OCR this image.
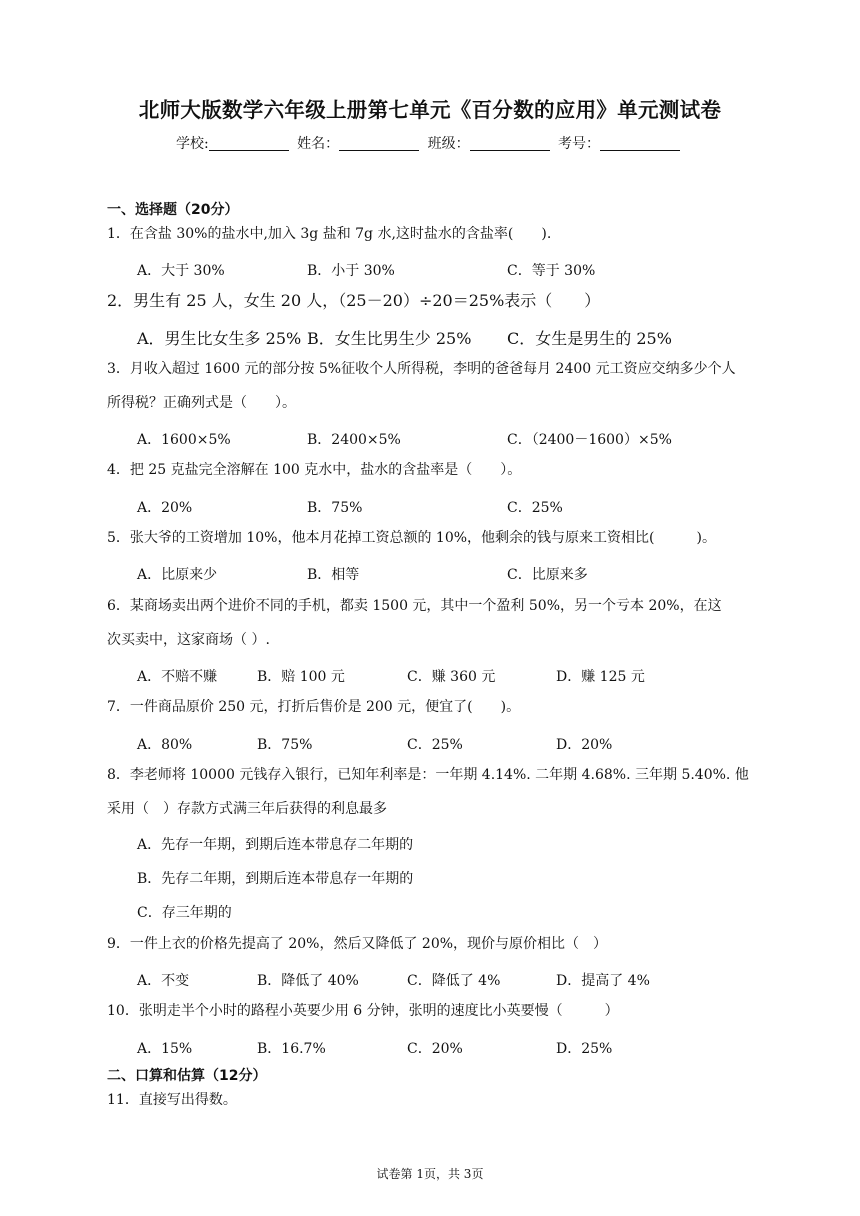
北师大版数学六年级上册第七单元《百分数的应用》单元测试卷
学校:	姓名：	班级：	考号：
一、选择题（20分）
1．在含盐 30%的盐水中,加入 3g 盐和 7g 水,这时盐水的含盐率(　　).
A．大于 30%	B．小于 30%	C．等于 30%
2．男生有 25 人，女生 20 人，（25－20）÷20＝25%表示（　　）
A．男生比女生多 25% B．女生比男生少 25% C．女生是男生的 25%
3．月收入超过 1600 元的部分按 5%征收个人所得税，李明的爸爸每月 2400 元工资应交纳多少个人
所得税？正确列式是（　　）。
A．1600×5%	B．2400×5%	C．（2400－1600）×5%
4．把 25 克盐完全溶解在 100 克水中，盐水的含盐率是（　　）。
A．20%	B．75%	C．25%
5．张大爷的工资增加 10%，他本月花掉工资总额的 10%，他剩余的钱与原来工资相比(　　　)。
A．比原来少	B．相等	C．比原来多
6．某商场卖出两个进价不同的手机，都卖 1500 元，其中一个盈利 50%，另一个亏本 20%，在这
次买卖中，这家商场（ ）.
A．不赔不赚	B．赔 100 元	C．赚 360 元	D．赚 125 元
7．一件商品原价 250 元，打折后售价是 200 元，便宜了(　　)。
A．80%	B．75%	C．25%	D．20%
8．李老师将 10000 元钱存入银行，已知年利率是：一年期 4.14%. 二年期 4.68%. 三年期 5.40%. 他
采用（　）存款方式满三年后获得的利息最多
A．先存一年期，到期后连本带息存二年期的
B．先存二年期，到期后连本带息存一年期的
C．存三年期的
9．一件上衣的价格先提高了 20%，然后又降低了 20%，现价与原价相比（　）
A．不变	B．降低了 40%	C．降低了 4%	D．提高了 4%
10．张明走半个小时的路程小英要少用 6 分钟，张明的速度比小英要慢（　　　）
A．15%	B．16.7%	C．20%	D．25%
二、口算和估算（12分）
11．直接写出得数。
试卷第 1页，共 3页
